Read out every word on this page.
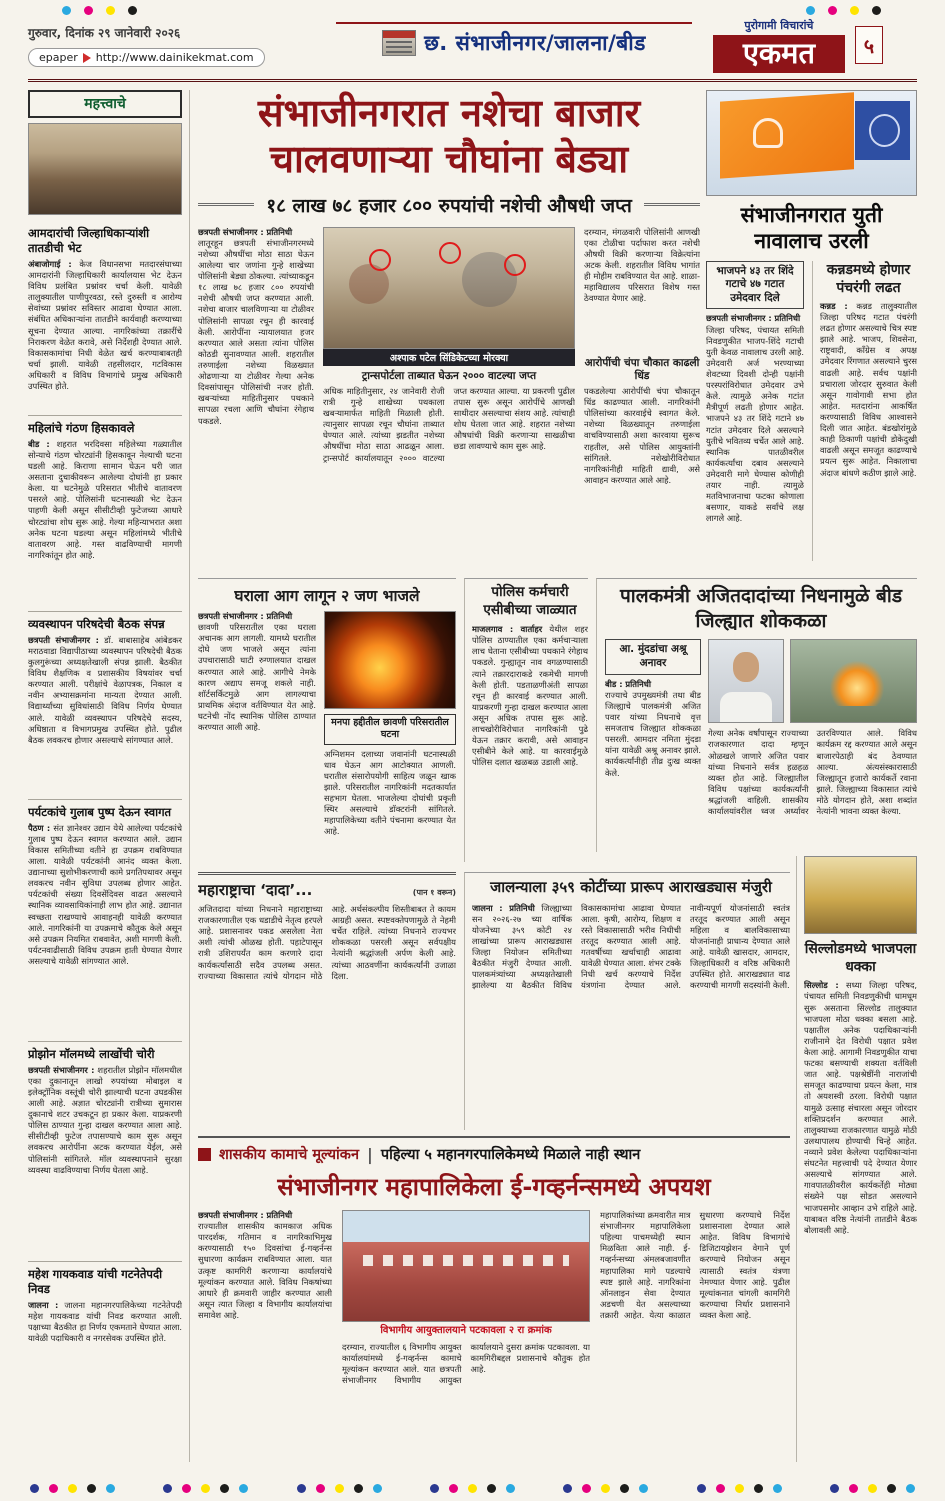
गुरुवार, दिनांक २९ जानेवारी २०२६
epaper http://www.dainikekmat.com
छ. संभाजीनगर/जालना/बीड
पुरोगामी विचारांचे
एकमत	५
महत्त्वाचे
आमदारांची जिल्हाधिकाऱ्यांशी तातडीची भेट

अंबाजोगाई : केज विधानसभा मतदारसंघाच्या आमदारांनी जिल्हाधिकारी कार्यालयास भेट देऊन विविध प्रलंबित प्रश्नांवर चर्चा केली. यावेळी तालुक्यातील पाणीपुरवठा, रस्ते दुरुस्ती व आरोग्य सेवांच्या प्रश्नांवर सविस्तर आढावा घेण्यात आला. संबंधित अधिकाऱ्यांना तातडीने कार्यवाही करण्याच्या सूचना देण्यात आल्या. नागरिकांच्या तक्रारींचे निराकरण वेळेत करावे, असे निर्देशही देण्यात आले. विकासकामांचा निधी वेळेत खर्च करण्याबाबतही चर्चा झाली. यावेळी तहसीलदार, गटविकास अधिकारी व विविध विभागांचे प्रमुख अधिकारी उपस्थित होते.

महिलांचे गंठण हिसकावले

बीड : शहरात भरदिवसा महिलेच्या गळ्यातील सोन्याचे गंठण चोरट्यांनी हिसकावून नेल्याची घटना घडली आहे. किराणा सामान घेऊन घरी जात असताना दुचाकीवरून आलेल्या दोघांनी हा प्रकार केला. या घटनेमुळे परिसरात भीतीचे वातावरण पसरले आहे. पोलिसांनी घटनास्थळी भेट देऊन पाहणी केली असून सीसीटीव्ही फुटेजच्या आधारे चोरट्यांचा शोध सुरू आहे. गेल्या महिन्याभरात अशा अनेक घटना घडल्या असून महिलांमध्ये भीतीचे वातावरण आहे. गस्त वाढविण्याची मागणी नागरिकांतून होत आहे.

व्यवस्थापन परिषदेची बैठक संपन्न

छत्रपती संभाजीनगर : डॉ. बाबासाहेब आंबेडकर मराठवाडा विद्यापीठाच्या व्यवस्थापन परिषदेची बैठक कुलगुरूंच्या अध्यक्षतेखाली संपन्न झाली. बैठकीत विविध शैक्षणिक व प्रशासकीय विषयांवर चर्चा करण्यात आली. परीक्षांचे वेळापत्रक, निकाल व नवीन अभ्यासक्रमांना मान्यता देण्यात आली. विद्यार्थ्यांच्या सुविधांसाठी विविध निर्णय घेण्यात आले. यावेळी व्यवस्थापन परिषदेचे सदस्य, अधिष्ठाता व विभागप्रमुख उपस्थित होते. पुढील बैठक लवकरच होणार असल्याचे सांगण्यात आले.

पर्यटकांचे गुलाब पुष्प देऊन स्वागत

पैठण : संत ज्ञानेश्वर उद्यान येथे आलेल्या पर्यटकांचे गुलाब पुष्प देऊन स्वागत करण्यात आले. उद्यान विकास समितीच्या वतीने हा उपक्रम राबविण्यात आला. यावेळी पर्यटकांनी आनंद व्यक्त केला. उद्यानाच्या सुशोभीकरणाची कामे प्रगतिपथावर असून लवकरच नवीन सुविधा उपलब्ध होणार आहेत. पर्यटकांची संख्या दिवसेंदिवस वाढत असल्याने स्थानिक व्यावसायिकांनाही लाभ होत आहे. उद्यानात स्वच्छता राखण्याचे आवाहनही यावेळी करण्यात आले. नागरिकांनी या उपक्रमाचे कौतुक केले असून असे उपक्रम नियमित राबवावेत, अशी मागणी केली. पर्यटनवाढीसाठी विविध उपक्रम हाती घेण्यात येणार असल्याचे यावेळी सांगण्यात आले.

प्रोझोन मॉलमध्ये लाखोंची चोरी

छत्रपती संभाजीनगर : शहरातील प्रोझोन मॉलमधील एका दुकानातून लाखो रुपयांच्या मोबाइल व इलेक्ट्रॉनिक वस्तूंची चोरी झाल्याची घटना उघडकीस आली आहे. अज्ञात चोरट्यांनी रात्रीच्या सुमारास दुकानाचे शटर उचकटून हा प्रकार केला. याप्रकरणी पोलिस ठाण्यात गुन्हा दाखल करण्यात आला आहे. सीसीटीव्ही फुटेज तपासण्याचे काम सुरू असून लवकरच आरोपींना अटक करण्यात येईल, असे पोलिसांनी सांगितले. मॉल व्यवस्थापनाने सुरक्षा व्यवस्था वाढविण्याचा निर्णय घेतला आहे.

महेश गायकवाड यांची गटनेतेपदी निवड

जालना : जालना महानगरपालिकेच्या गटनेतेपदी महेश गायकवाड यांची निवड करण्यात आली. पक्षाच्या बैठकीत हा निर्णय एकमताने घेण्यात आला. यावेळी पदाधिकारी व नगरसेवक उपस्थित होते.

संभाजीनगरात नशेचा बाजार चालवणाऱ्या चौघांना बेड्या
१८ लाख ७८ हजार ८०० रुपयांची नशेची औषधी जप्त

छत्रपती संभाजीनगर : प्रतिनिधी
लातूरहून छत्रपती संभाजीनगरमध्ये नशेच्या औषधींचा मोठा साठा घेऊन आलेल्या चार जणांना गुन्हे शाखेच्या पोलिसांनी बेड्या ठोकल्या. त्यांच्याकडून १८ लाख ७८ हजार ८०० रुपयांची नशेची औषधी जप्त करण्यात आली. नशेचा बाजार चालविणाऱ्या या टोळीवर पोलिसांनी सापळा रचून ही कारवाई केली. आरोपींना न्यायालयात हजर करण्यात आले असता त्यांना पोलिस कोठडी सुनावण्यात आली. शहरातील तरुणाईला नशेच्या विळख्यात ओढणाऱ्या या टोळीवर गेल्या अनेक दिवसांपासून पोलिसांची नजर होती. खबऱ्यांच्या माहितीनुसार पथकाने सापळा रचला आणि चौघांना रंगेहाथ पकडले.

अश्पाक पटेल सिंडिकेटच्या मोरक्या
ट्रान्सपोर्टला ताब्यात घेऊन २००० वाटल्या जप्त
अधिक माहितीनुसार, २४ जानेवारी रोजी रात्री गुन्हे शाखेच्या पथकाला खबऱ्यामार्फत माहिती मिळाली होती. त्यानुसार सापळा रचून चौघांना ताब्यात घेण्यात आले. त्यांच्या झडतीत नशेच्या औषधींचा मोठा साठा आढळून आला. ट्रान्सपोर्ट कार्यालयातून २००० वाटल्या जप्त करण्यात आल्या. या प्रकरणी पुढील तपास सुरू असून आरोपींचे आणखी साथीदार असल्याचा संशय आहे. त्यांचाही शोध घेतला जात आहे. शहरात नशेच्या औषधांची विक्री करणाऱ्या साखळीचा छडा लावण्याचे काम सुरू आहे.

दरम्यान, मंगळवारी पोलिसांनी आणखी एका टोळीचा पर्दाफाश करत नशेची औषधी विक्री करणाऱ्या विक्रेत्यांना अटक केली. शहरातील विविध भागांत ही मोहीम राबविण्यात येत आहे. शाळा-महाविद्यालय परिसरात विशेष गस्त ठेवण्यात येणार आहे.

आरोपींची चंपा चौकात काढली धिंड

पकडलेल्या आरोपींची चंपा चौकातून धिंड काढण्यात आली. नागरिकांनी पोलिसांच्या कारवाईचे स्वागत केले. नशेच्या विळख्यातून तरुणाईला वाचविण्यासाठी अशा कारवाया सुरूच राहतील, असे पोलिस आयुक्तांनी सांगितले. नशेखोरीविरोधात नागरिकांनीही माहिती द्यावी, असे आवाहन करण्यात आले आहे.

संभाजीनगरात युती नावालाच उरली
भाजपने ४३ तर शिंदे गटाचे ४७ गटात उमेदवार दिले

छत्रपती संभाजीनगर : प्रतिनिधी
जिल्हा परिषद, पंचायत समिती निवडणुकीत भाजप-शिंदे गटाची युती केवळ नावालाच उरली आहे. उमेदवारी अर्ज भरण्याच्या शेवटच्या दिवशी दोन्ही पक्षांनी परस्परांविरोधात उमेदवार उभे केले. त्यामुळे अनेक गटांत मैत्रीपूर्ण लढती होणार आहेत. भाजपने ४३ तर शिंदे गटाने ४७ गटांत उमेदवार दिले असल्याने युतीचे भवितव्य चर्चेत आले आहे. स्थानिक पातळीवरील कार्यकर्त्यांचा दबाव असल्याने उमेदवारी मागे घेण्यास कोणीही तयार नाही. त्यामुळे मतविभाजनाचा फटका कोणाला बसणार, याकडे सर्वांचे लक्ष लागले आहे.

कन्नडमध्ये होणार पंचरंगी लढत

कन्नड : कन्नड तालुक्यातील जिल्हा परिषद गटात पंचरंगी लढत होणार असल्याचे चित्र स्पष्ट झाले आहे. भाजप, शिवसेना, राष्ट्रवादी, काँग्रेस व अपक्ष उमेदवार रिंगणात असल्याने चुरस वाढली आहे. सर्वच पक्षांनी प्रचाराला जोरदार सुरुवात केली असून गावोगावी सभा होत आहेत. मतदारांना आकर्षित करण्यासाठी विविध आश्वासने दिली जात आहेत. बंडखोरांमुळे काही ठिकाणी पक्षांची डोकेदुखी वाढली असून समजूत काढण्याचे प्रयत्न सुरू आहेत. निकालाचा अंदाज बांधणे कठीण झाले आहे.

घराला आग लागून २ जण भाजले

छत्रपती संभाजीनगर : प्रतिनिधी
छावणी परिसरातील एका घराला अचानक आग लागली. यामध्ये घरातील दोघे जण भाजले असून त्यांना उपचारासाठी घाटी रुग्णालयात दाखल करण्यात आले आहे. आगीचे नेमके कारण अद्याप समजू शकले नाही. शॉर्टसर्किटमुळे आग लागल्याचा प्राथमिक अंदाज वर्तविण्यात येत आहे. घटनेची नोंद स्थानिक पोलिस ठाण्यात करण्यात आली आहे.	मनपा हद्दीतील छावणी परिसरातील घटना

अग्निशमन दलाच्या जवानांनी घटनास्थळी धाव घेऊन आग आटोक्यात आणली. घरातील संसारोपयोगी साहित्य जळून खाक झाले. परिसरातील नागरिकांनी मदतकार्यात सहभाग घेतला. भाजलेल्या दोघांची प्रकृती स्थिर असल्याचे डॉक्टरांनी सांगितले. महापालिकेच्या वतीने पंचनामा करण्यात येत आहे.

पोलिस कर्मचारी एसीबीच्या जाळ्यात

माजलगाव : वार्ताहर येथील शहर पोलिस ठाण्यातील एका कर्मचाऱ्याला लाच घेताना एसीबीच्या पथकाने रंगेहाथ पकडले. गुन्ह्यातून नाव वगळण्यासाठी त्याने तक्रारदाराकडे रकमेची मागणी केली होती. पडताळणीअंती सापळा रचून ही कारवाई करण्यात आली. याप्रकरणी गुन्हा दाखल करण्यात आला असून अधिक तपास सुरू आहे. लाचखोरीविरोधात नागरिकांनी पुढे येऊन तक्रार करावी, असे आवाहन एसीबीने केले आहे. या कारवाईमुळे पोलिस दलात खळबळ उडाली आहे.

पालकमंत्री अजितदादांच्या निधनामुळे बीड जिल्ह्यात शोककळा
आ. मुंदडांचा अश्रू अनावर

बीड : प्रतिनिधी
राज्याचे उपमुख्यमंत्री तथा बीड जिल्ह्याचे पालकमंत्री अजित पवार यांच्या निधनाचे वृत्त समजताच जिल्ह्यात शोककळा पसरली. आमदार नमिता मुंदडा यांना यावेळी अश्रू अनावर झाले. कार्यकर्त्यांनीही तीव्र दुःख व्यक्त केले.

गेल्या अनेक वर्षांपासून राज्याच्या राजकारणात दादा म्हणून ओळखले जाणारे अजित पवार यांच्या निधनाने सर्वत्र हळहळ व्यक्त होत आहे. जिल्ह्यातील विविध पक्षांच्या कार्यकर्त्यांनी श्रद्धांजली वाहिली. शासकीय कार्यालयांवरील ध्वज अर्ध्यावर उतरविण्यात आले. विविध कार्यक्रम रद्द करण्यात आले असून बाजारपेठाही बंद ठेवण्यात आल्या. अंत्यसंस्कारासाठी जिल्ह्यातून हजारो कार्यकर्ते रवाना झाले. जिल्ह्याच्या विकासात त्यांचे मोठे योगदान होते, अशा शब्दांत नेत्यांनी भावना व्यक्त केल्या.
महाराष्ट्राचा ‘दादा’...	(पान १ वरून)
अजितदादा यांच्या निधनाने महाराष्ट्राच्या राजकारणातील एक धडाडीचे नेतृत्व हरपले आहे. प्रशासनावर पकड असलेला नेता अशी त्यांची ओळख होती. पहाटेपासून रात्री उशिरापर्यंत काम करणारे दादा कार्यकर्त्यांसाठी सदैव उपलब्ध असत. राज्याच्या विकासात त्यांचे योगदान मोठे आहे. अर्थसंकल्पीय शिस्तीबाबत ते कायम आग्रही असत. स्पष्टवक्तेपणामुळे ते नेहमी चर्चेत राहिले. त्यांच्या निधनाने राज्यभर शोककळा पसरली असून सर्वपक्षीय नेत्यांनी श्रद्धांजली अर्पण केली आहे. त्यांच्या आठवणींना कार्यकर्त्यांनी उजाळा दिला.
जालन्याला ३५९ कोटींच्या प्रारूप आराखड्यास मंजुरी
जालना : प्रतिनिधी जिल्ह्याच्या सन २०२६-२७ च्या वार्षिक योजनेच्या ३५९ कोटी २४ लाखांच्या प्रारूप आराखड्यास जिल्हा नियोजन समितीच्या बैठकीत मंजुरी देण्यात आली. पालकमंत्र्यांच्या अध्यक्षतेखाली झालेल्या या बैठकीत विविध विकासकामांचा आढावा घेण्यात आला. कृषी, आरोग्य, शिक्षण व रस्ते विकासासाठी भरीव निधीची तरतूद करण्यात आली आहे. गतवर्षीच्या खर्चाचाही आढावा यावेळी घेण्यात आला. शंभर टक्के निधी खर्च करण्याचे निर्देश यंत्रणांना देण्यात आले. नावीन्यपूर्ण योजनांसाठी स्वतंत्र तरतूद करण्यात आली असून महिला व बालविकासाच्या योजनांनाही प्राधान्य देण्यात आले आहे. यावेळी खासदार, आमदार, जिल्हाधिकारी व वरिष्ठ अधिकारी उपस्थित होते. आराखड्यात वाढ करण्याची मागणी सदस्यांनी केली.
सिल्लोडमध्ये भाजपला धक्का

सिल्लोड : सध्या जिल्हा परिषद, पंचायत समिती निवडणुकीची धामधूम सुरू असताना सिल्लोड तालुक्यात भाजपला मोठा धक्का बसला आहे. पक्षातील अनेक पदाधिकाऱ्यांनी राजीनामे देत विरोधी पक्षात प्रवेश केला आहे. आगामी निवडणुकीत याचा फटका बसण्याची शक्यता वर्तविली जात आहे. पक्षश्रेष्ठींनी नाराजांची समजूत काढण्याचा प्रयत्न केला, मात्र तो अयशस्वी ठरला. विरोधी पक्षात यामुळे उत्साह संचारला असून जोरदार शक्तिप्रदर्शन करण्यात आले. तालुक्याच्या राजकारणात यामुळे मोठी उलथापालथ होण्याची चिन्हे आहेत. नव्याने प्रवेश केलेल्या पदाधिकाऱ्यांना संघटनेत महत्त्वाची पदे देण्यात येणार असल्याचे सांगण्यात आले. गावपातळीवरील कार्यकर्तेही मोठ्या संख्येने पक्ष सोडत असल्याने भाजपसमोर आव्हान उभे राहिले आहे. याबाबत वरिष्ठ नेत्यांनी तातडीने बैठक बोलावली आहे.

शासकीय कामाचे मूल्यांकन | पहिल्या ५ महानगरपालिकेमध्ये मिळाले नाही स्थान
संभाजीनगर महापालिकेला ई-गव्हर्नन्समध्ये अपयश

छत्रपती संभाजीनगर : प्रतिनिधी
राज्यातील शासकीय कामकाज अधिक पारदर्शक, गतिमान व नागरिकाभिमुख करण्यासाठी १५० दिवसांचा ई-गव्हर्नन्स सुधारणा कार्यक्रम राबविण्यात आला. यात उत्कृष्ट कामगिरी करणाऱ्या कार्यालयांचे मूल्यांकन करण्यात आले. विविध निकषांच्या आधारे ही क्रमवारी जाहीर करण्यात आली असून त्यात जिल्हा व विभागीय कार्यालयांचा समावेश आहे.

विभागीय आयुक्तालयाने पटकावला २ रा क्रमांक
दरम्यान, राज्यातील ६ विभागीय आयुक्त कार्यालयांमध्ये ई-गव्हर्नन्स कामाचे मूल्यांकन करण्यात आले. यात छत्रपती संभाजीनगर विभागीय आयुक्त कार्यालयाने दुसरा क्रमांक पटकावला. या कामगिरीबद्दल प्रशासनाचे कौतुक होत आहे.
महापालिकांच्या क्रमवारीत मात्र संभाजीनगर महापालिकेला पहिल्या पाचमध्येही स्थान मिळविता आले नाही. ई-गव्हर्नन्सच्या अंमलबजावणीत महापालिका मागे पडल्याचे स्पष्ट झाले आहे. नागरिकांना ऑनलाइन सेवा देण्यात अडचणी येत असल्याच्या तक्रारी आहेत. येत्या काळात सुधारणा करण्याचे निर्देश प्रशासनाला देण्यात आले आहेत. विविध विभागांचे डिजिटायझेशन वेगाने पूर्ण करण्याचे नियोजन असून त्यासाठी स्वतंत्र यंत्रणा नेमण्यात येणार आहे. पुढील मूल्यांकनात चांगली कामगिरी करण्याचा निर्धार प्रशासनाने व्यक्त केला आहे.
